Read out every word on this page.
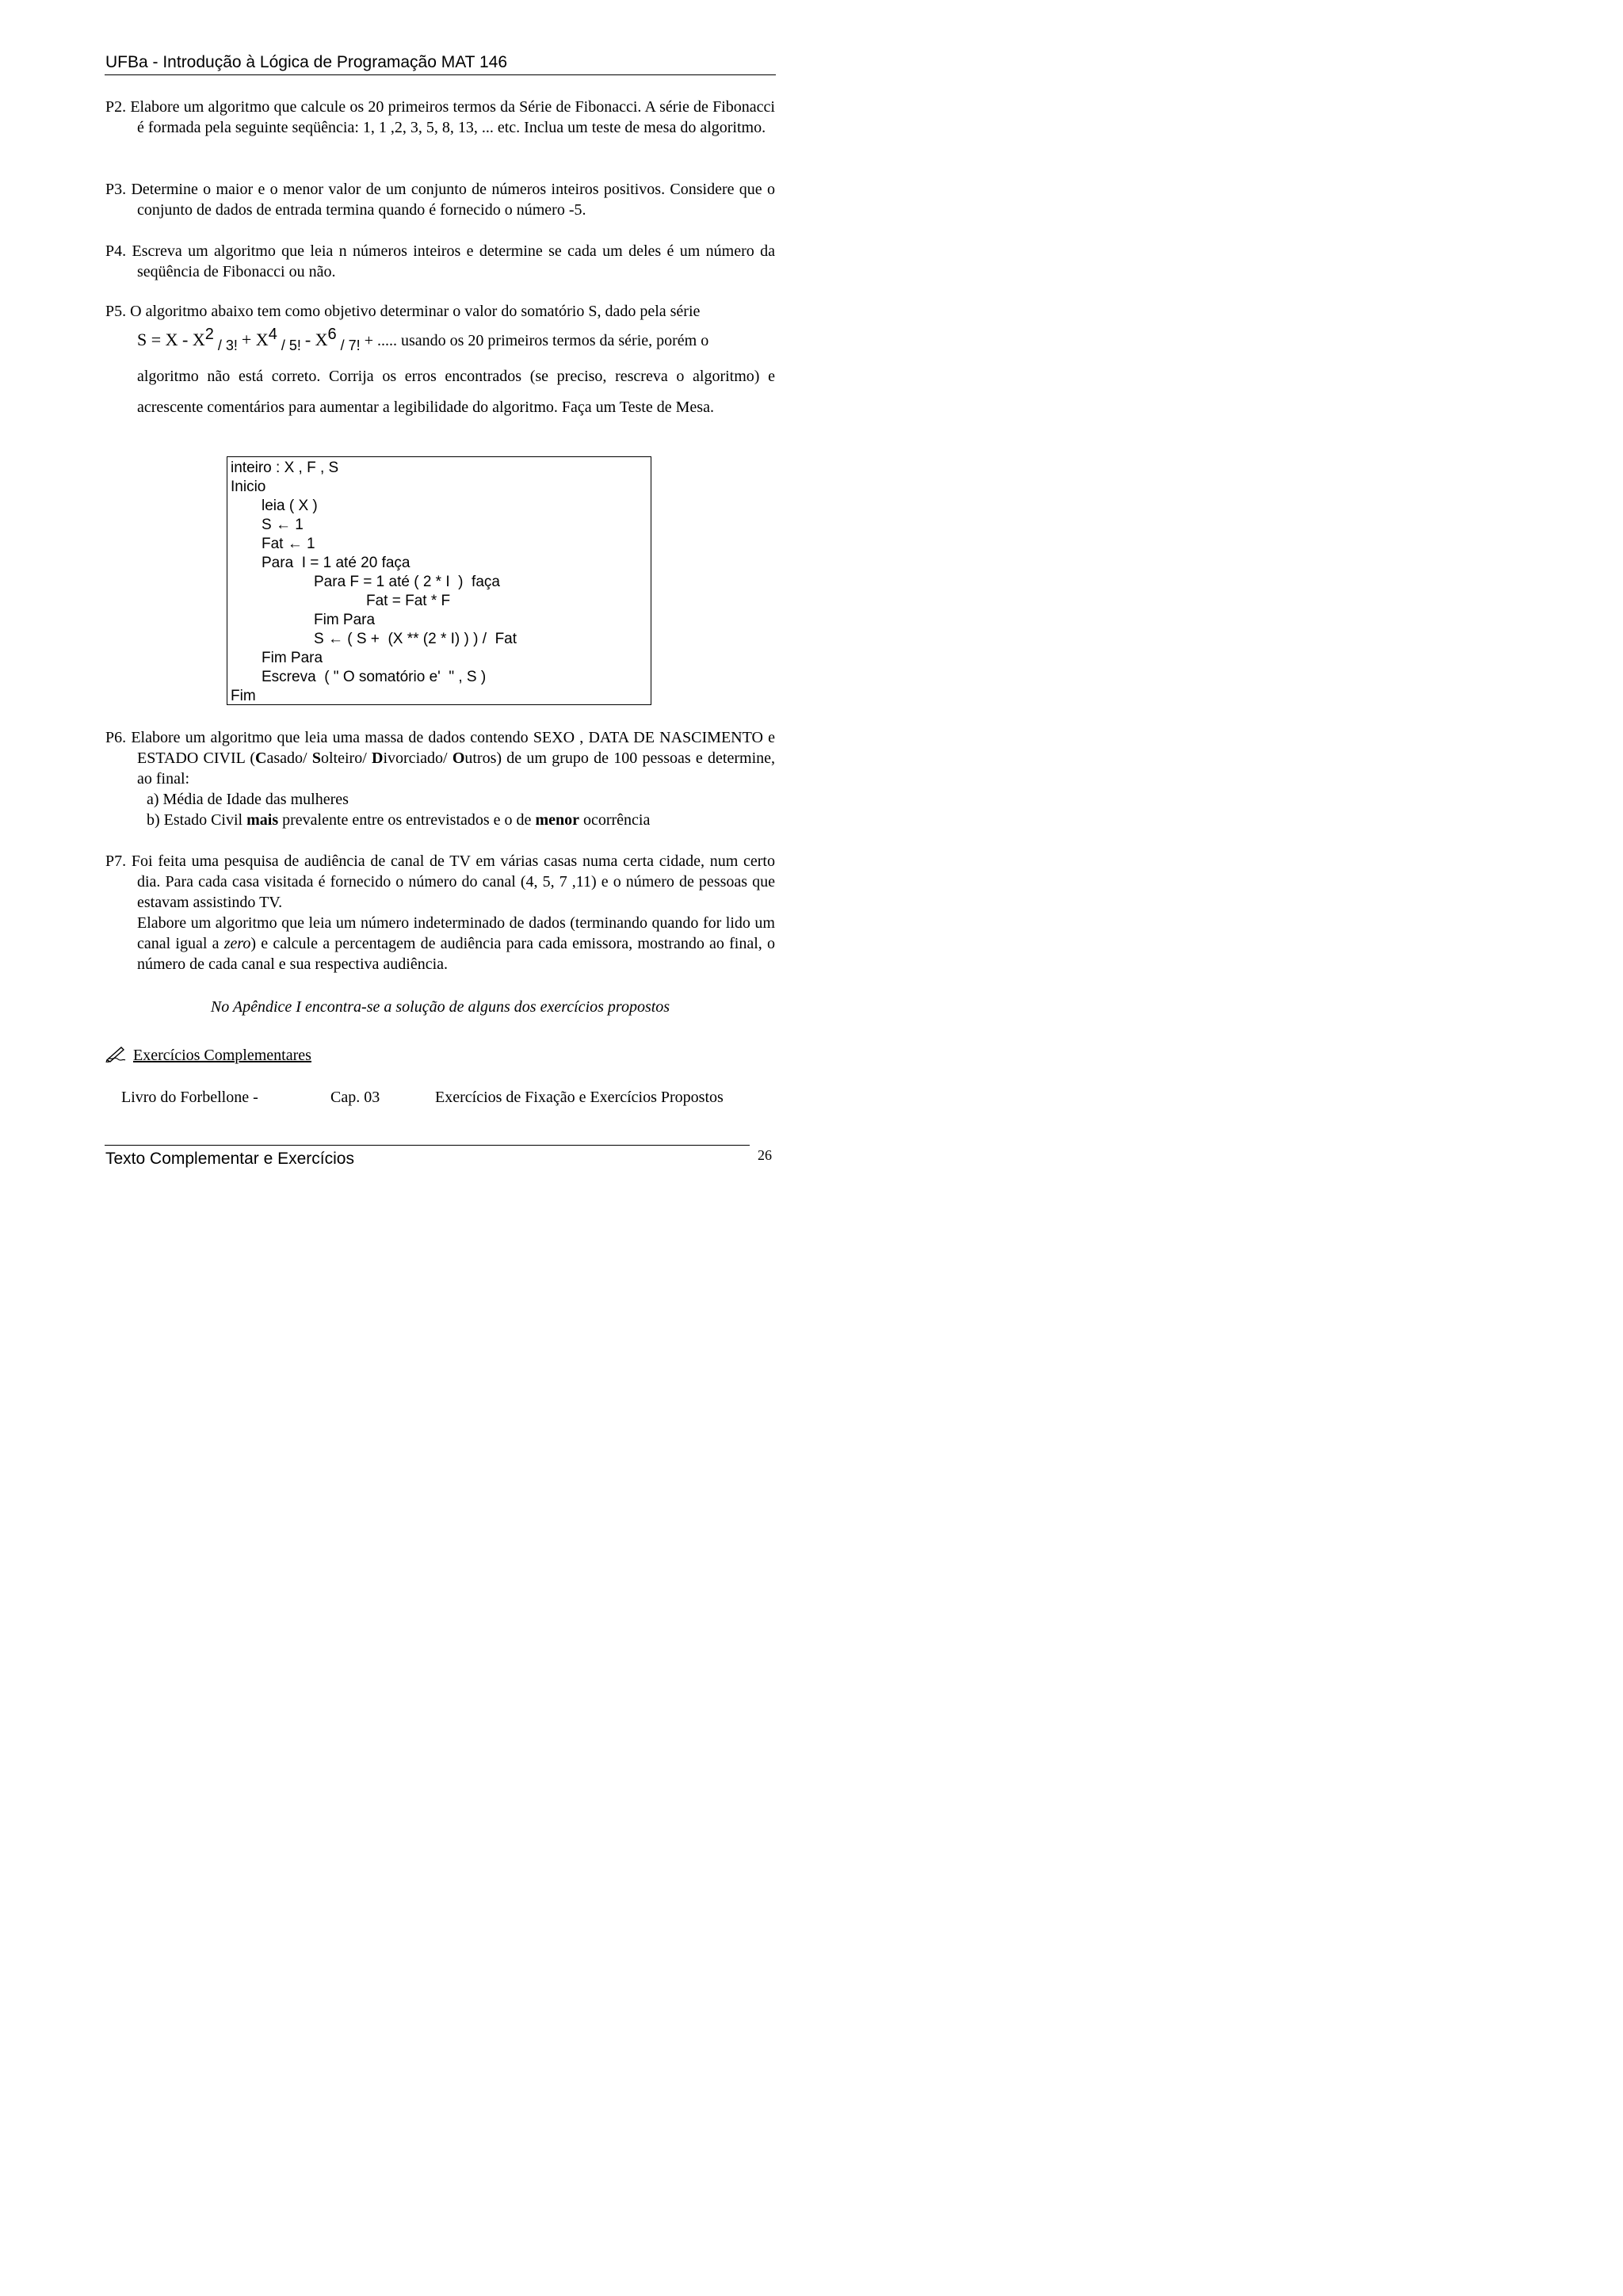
UFBa - Introdução à Lógica de Programação MAT 146
P2. Elabore um algoritmo que calcule os 20 primeiros termos da Série de Fibonacci. A série de Fibonacci é formada pela seguinte seqüência: 1, 1 ,2, 3, 5, 8, 13, ... etc. Inclua um teste de mesa do algoritmo.
P3. Determine o maior e o menor valor de um conjunto de números inteiros positivos. Considere que o conjunto de dados de entrada termina quando é fornecido o número -5.
P4. Escreva um algoritmo que leia n números inteiros e determine se cada um deles é um número da seqüência de Fibonacci ou não.
P5. O algoritmo abaixo tem como objetivo determinar o valor do somatório S, dado pela série
$S = X - X^2 / 3$! + $X^4 / 5$! - $X^6 / 7$! + ..... usando os 20 primeiros termos da série, porém o
algoritmo não está correto. Corrija os erros encontrados (se preciso, rescreva o algoritmo) e acrescente comentários para aumentar a legibilidade do algoritmo. Faça um Teste de Mesa.
inteiro : X , F , S
Inicio
leia ( X )
S ← 1
Fat ← 1
Para  I = 1 até 20 faça
Para F = 1 até ( 2 * I  )  faça
Fat = Fat * F
Fim Para
S ← ( S +  (X ** (2 * I) ) ) /  Fat
Fim Para
Escreva  ( " O somatório e'  " , S )
Fim
P6. Elabore um algoritmo que leia uma massa de dados contendo SEXO , DATA DE NASCIMENTO e ESTADO CIVIL (Casado/ Solteiro/ Divorciado/ Outros) de um grupo de 100 pessoas e determine, ao final:
a) Média de Idade das mulheres
b) Estado Civil mais prevalente entre os entrevistados e o de menor ocorrência
P7. Foi feita uma pesquisa de audiência de canal de TV em várias casas numa certa cidade, num certo dia. Para cada casa visitada é fornecido o número do canal (4, 5, 7 ,11) e o número de pessoas que estavam assistindo TV.
Elabore um algoritmo que leia um número indeterminado de dados (terminando quando for lido um canal igual a zero) e calcule a percentagem de audiência para cada emissora, mostrando ao final, o número de cada canal e sua respectiva audiência.
No Apêndice I encontra-se a solução de alguns dos exercícios propostos
Exercícios Complementares
Livro do Forbellone -	Cap. 03	Exercícios de Fixação e Exercícios Propostos
Texto Complementar e Exercícios	26
